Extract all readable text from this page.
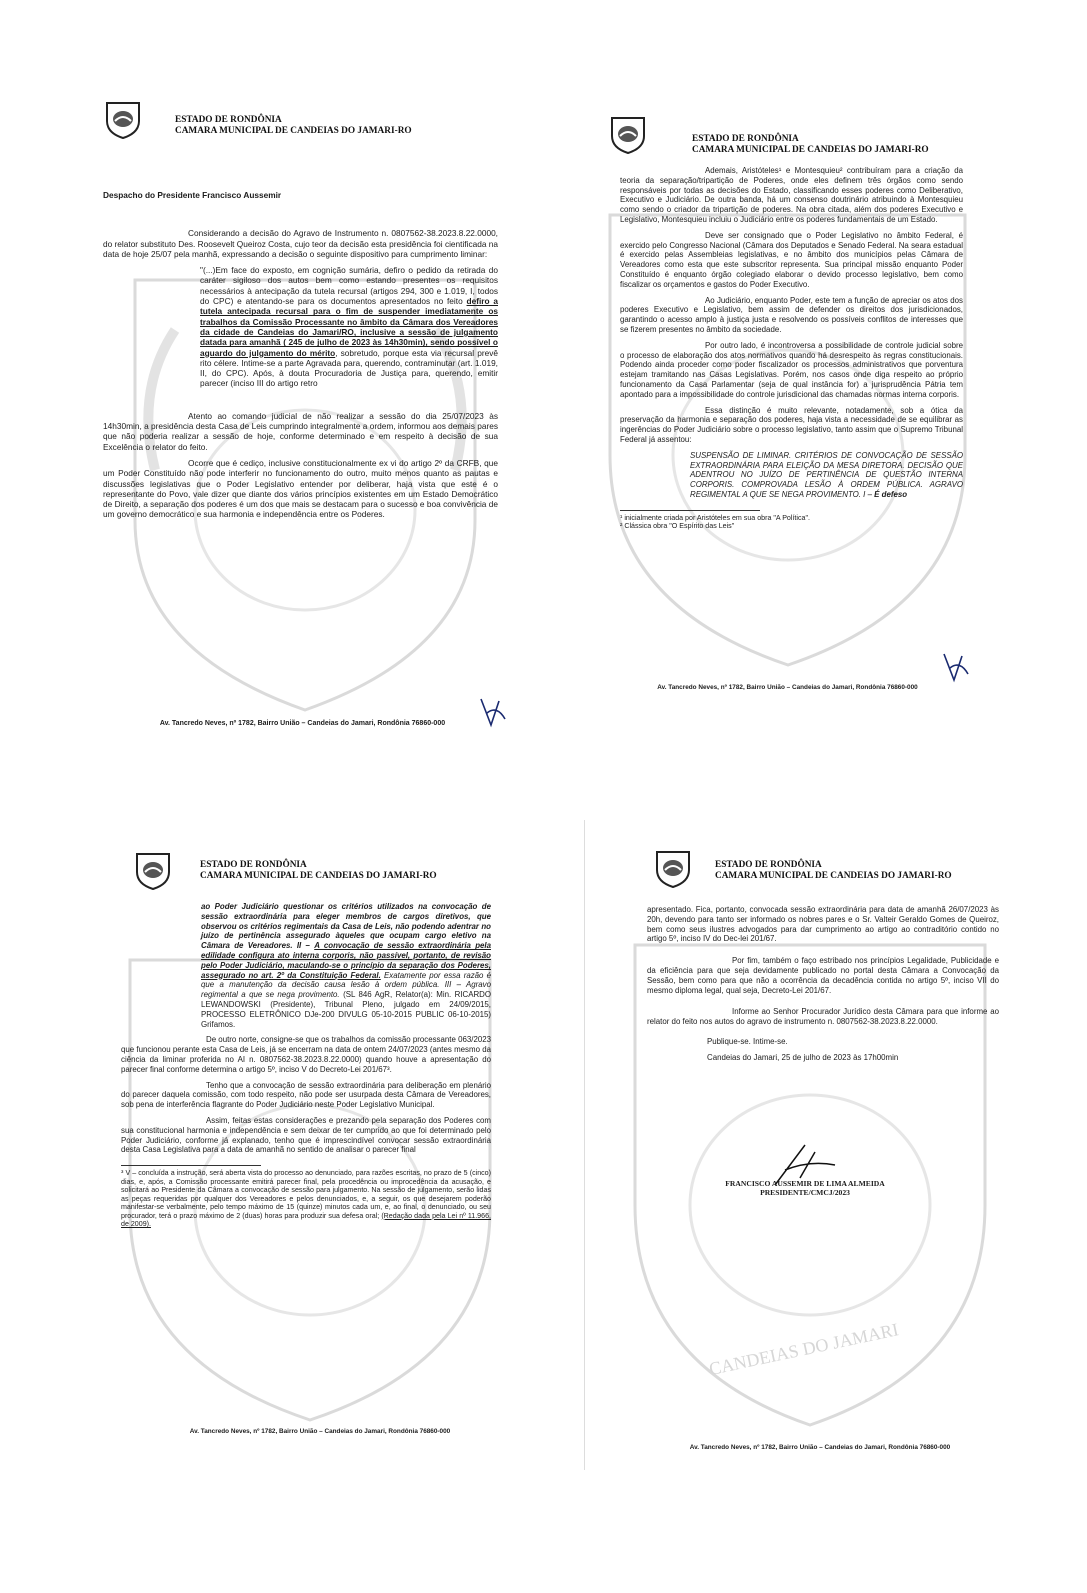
ESTADO DE RONDÔNIA
CAMARA MUNICIPAL DE CANDEIAS DO JAMARI-RO

Despacho do Presidente Francisco Aussemir

Considerando a decisão do Agravo de Instrumento n. 0807562-38.2023.8.22.0000, do relator substituto Des. Roosevelt Queiroz Costa, cujo teor da decisão esta presidência foi cientificada na data de hoje 25/07 pela manhã, expressando a decisão o seguinte dispositivo para cumprimento liminar:

"(...)Em face do exposto, em cognição sumária, defiro o pedido da retirada do caráter sigiloso dos autos bem como estando presentes os requisitos necessários à antecipação da tutela recursal (artigos 294, 300 e 1.019, I, todos do CPC) e atentando-se para os documentos apresentados no feito defiro a tutela antecipada recursal para o fim de suspender imediatamente os trabalhos da Comissão Processante no âmbito da Câmara dos Vereadores da cidade de Candeias do Jamari/RO, inclusive a sessão de julgamento datada para amanhã ( 245 de julho de 2023 às 14h30min), sendo possível o aguardo do julgamento do mérito, sobretudo, porque esta via recursal prevê rito célere. Intime-se a parte Agravada para, querendo, contraminutar (art. 1.019, II, do CPC). Após, à douta Procuradoria de Justiça para, querendo, emitir parecer (inciso III do artigo retro

Atento ao comando judicial de não realizar a sessão do dia 25/07/2023 às 14h30min, a presidência desta Casa de Leis cumprindo integralmente a ordem, informou aos demais pares que não poderia realizar a sessão de hoje, conforme determinado e em respeito à decisão de sua Excelência o relator do feito.

Ocorre que é cediço, inclusive constitucionalmente ex vi do artigo 2º da CRFB, que um Poder Constituído não pode interferir no funcionamento do outro, muito menos quanto as pautas e discussões legislativas que o Poder Legislativo entender por deliberar, haja vista que este é o representante do Povo, vale dizer que diante dos vários princípios existentes em um Estado Democrático de Direito, a separação dos poderes é um dos que mais se destacam para o sucesso e boa convivência de um governo democrático e sua harmonia e independência entre os Poderes.

Av. Tancredo Neves, nº 1782, Bairro União – Candeias do Jamari, Rondônia 76860-000
ESTADO DE RONDÔNIA
CAMARA MUNICIPAL DE CANDEIAS DO JAMARI-RO

Ademais, Aristóteles¹ e Montesquieu² contribuíram para a criação da teoria da separação/tripartição de Poderes, onde eles definem três órgãos como sendo responsáveis por todas as decisões do Estado, classificando esses poderes como Deliberativo, Executivo e Judiciário. De outra banda, há um consenso doutrinário atribuindo à Montesquieu como sendo o criador da tripartição de poderes. Na obra citada, além dos poderes Executivo e Legislativo, Montesquieu incluiu o Judiciário entre os poderes fundamentais de um Estado.

Deve ser consignado que o Poder Legislativo no âmbito Federal, é exercido pelo Congresso Nacional (Câmara dos Deputados e Senado Federal. Na seara estadual é exercido pelas Assembleias legislativas, e no âmbito dos municípios pelas Câmara de Vereadores como esta que este subscritor representa. Sua principal missão enquanto Poder Constituído é enquanto órgão colegiado elaborar o devido processo legislativo, bem como fiscalizar os orçamentos e gastos do Poder Executivo.

Ao Judiciário, enquanto Poder, este tem a função de apreciar os atos dos poderes Executivo e Legislativo, bem assim de defender os direitos dos jurisdicionados, garantindo o acesso amplo à justiça justa e resolvendo os possíveis conflitos de interesses que se fizerem presentes no âmbito da sociedade.

Por outro lado, é incontroversa a possibilidade de controle judicial sobre o processo de elaboração dos atos normativos quando há desrespeito às regras constitucionais. Podendo ainda proceder como poder fiscalizador os processos administrativos que porventura estejam tramitando nas Casas Legislativas. Porém, nos casos onde diga respeito ao próprio funcionamento da Casa Parlamentar (seja de qual instância for) a jurisprudência Pátria tem apontado para a impossibilidade do controle jurisdicional das chamadas normas interna corporis.

Essa distinção é muito relevante, notadamente, sob a ótica da preservação da harmonia e separação dos poderes, haja vista a necessidade de se equilibrar as ingerências do Poder Judiciário sobre o processo legislativo, tanto assim que o Supremo Tribunal Federal já assentou:

SUSPENSÃO DE LIMINAR. CRITÉRIOS DE CONVOCAÇÃO DE SESSÃO EXTRAORDINÁRIA PARA ELEIÇÃO DA MESA DIRETORA. DECISÃO QUE ADENTROU NO JUÍZO DE PERTINÊNCIA DE QUESTÃO INTERNA CORPORIS. COMPROVADA LESÃO À ORDEM PÚBLICA. AGRAVO REGIMENTAL A QUE SE NEGA PROVIMENTO. I – É defeso

¹ inicialmente criada por Aristóteles em sua obra "A Política".
² Clássica obra "O Espírito das Leis"
Av. Tancredo Neves, nº 1782, Bairro União – Candeias do Jamari, Rondônia 76860-000
ESTADO DE RONDÔNIA
CAMARA MUNICIPAL DE CANDEIAS DO JAMARI-RO

ao Poder Judiciário questionar os critérios utilizados na convocação de sessão extraordinária para eleger membros de cargos diretivos, que observou os critérios regimentais da Casa de Leis, não podendo adentrar no juízo de pertinência assegurado àqueles que ocupam cargo eletivo na Câmara de Vereadores. II – A convocação de sessão extraordinária pela edilidade configura ato interna corporis, não passível, portanto, de revisão pelo Poder Judiciário, maculando-se o princípio da separação dos Poderes, assegurado no art. 2º da Constituição Federal. Exatamente por essa razão é que a manutenção da decisão causa lesão à ordem pública. III – Agravo regimental a que se nega provimento. (SL 846 AgR, Relator(a): Min. RICARDO LEWANDOWSKI (Presidente), Tribunal Pleno, julgado em 24/09/2015, PROCESSO ELETRÔNICO DJe-200 DIVULG 05-10-2015 PUBLIC 06-10-2015) Grifamos.

De outro norte, consigne-se que os trabalhos da comissão processante 063/2023 que funcionou perante esta Casa de Leis, já se encerram na data de ontem 24/07/2023 (antes mesmo da ciência da liminar proferida no AI n. 0807562-38.2023.8.22.0000) quando houve a apresentação do parecer final conforme determina o artigo 5º, inciso V do Decreto-Lei 201/67³.

Tenho que a convocação de sessão extraordinária para deliberação em plenário do parecer daquela comissão, com todo respeito, não pode ser usurpada desta Câmara de Vereadores, sob pena de interferência flagrante do Poder Judiciário neste Poder Legislativo Municipal.

Assim, feitas estas considerações e prezando pela separação dos Poderes com sua constitucional harmonia e independência e sem deixar de ter cumprido ao que foi determinado pelo Poder Judiciário, conforme já explanado, tenho que é imprescindível convocar sessão extraordinária desta Casa Legislativa para a data de amanhã no sentido de analisar o parecer final

³ V – concluída a instrução, será aberta vista do processo ao denunciado, para razões escritas, no prazo de 5 (cinco) dias, e, após, a Comissão processante emitirá parecer final, pela procedência ou improcedência da acusação, e solicitará ao Presidente da Câmara a convocação de sessão para julgamento. Na sessão de julgamento, serão lidas as peças requeridas por qualquer dos Vereadores e pelos denunciados, e, a seguir, os que desejarem poderão manifestar-se verbalmente, pelo tempo máximo de 15 (quinze) minutos cada um, e, ao final, o denunciado, ou seu procurador, terá o prazo máximo de 2 (duas) horas para produzir sua defesa oral; (Redação dada pela Lei nº 11.966, de 2009).
Av. Tancredo Neves, nº 1782, Bairro União – Candeias do Jamari, Rondônia 76860-000
CANDEIAS DO JAMARI
ESTADO DE RONDÔNIA
CAMARA MUNICIPAL DE CANDEIAS DO JAMARI-RO

apresentado. Fica, portanto, convocada sessão extraordinária para data de amanhã 26/07/2023 às 20h, devendo para tanto ser informado os nobres pares e o Sr. Valteir Geraldo Gomes de Queiroz, bem como seus ilustres advogados para dar cumprimento ao artigo ao contraditório contido no artigo 5º, inciso IV do Dec-lei 201/67.

Por fim, também o faço estribado nos princípios Legalidade, Publicidade e da eficiência para que seja devidamente publicado no portal desta Câmara a Convocação da Sessão, bem como para que não a ocorrência da decadência contida no artigo 5º, inciso VII do mesmo diploma legal, qual seja, Decreto-Lei 201/67.

Informe ao Senhor Procurador Jurídico desta Câmara para que informe ao relator do feito nos autos do agravo de instrumento n. 0807562-38.2023.8.22.0000.

Publique-se. Intime-se.

Candeias do Jamari, 25 de julho de 2023 às 17h00min

FRANCISCO AUSSEMIR DE LIMA ALMEIDA
PRESIDENTE/CMCJ/2023
Av. Tancredo Neves, nº 1782, Bairro União – Candeias do Jamari, Rondônia 76860-000
